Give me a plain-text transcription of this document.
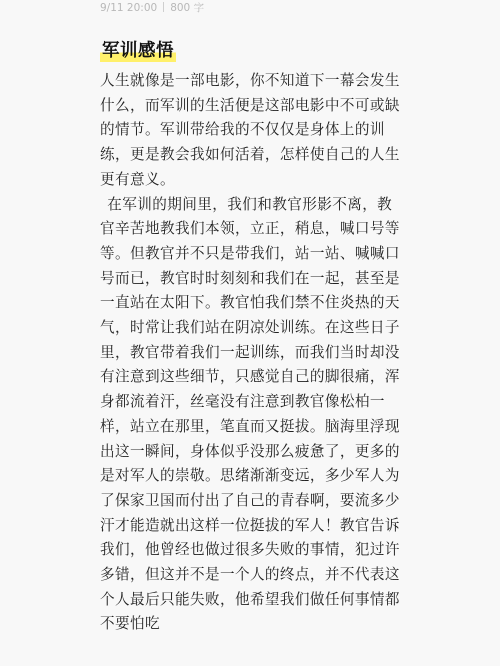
9/11 20:00 800 字
军训感悟

人生就像是一部电影，你不知道下一幕会发生什么，而军训的生活便是这部电影中不可或缺的情节。军训带给我的不仅仅是身体上的训练，更是教会我如何活着，怎样使自己的人生更有意义。

在军训的期间里，我们和教官形影不离，教官辛苦地教我们本领，立正，稍息，喊口号等等。但教官并不只是带我们，站一站、喊喊口号而已，教官时时刻刻和我们在一起，甚至是一直站在太阳下。教官怕我们禁不住炎热的天气，时常让我们站在阴凉处训练。在这些日子里，教官带着我们一起训练，而我们当时却没有注意到这些细节，只感觉自己的脚很痛，浑身都流着汗，丝毫没有注意到教官像松柏一样，站立在那里，笔直而又挺拔。脑海里浮现出这一瞬间，身体似乎没那么疲惫了，更多的是对军人的崇敬。思绪渐渐变远，多少军人为了保家卫国而付出了自己的青春啊，要流多少汗才能造就出这样一位挺拔的军人！教官告诉我们，他曾经也做过很多失败的事情，犯过许多错，但这并不是一个人的终点，并不代表这个人最后只能失败，他希望我们做任何事情都不要怕吃
